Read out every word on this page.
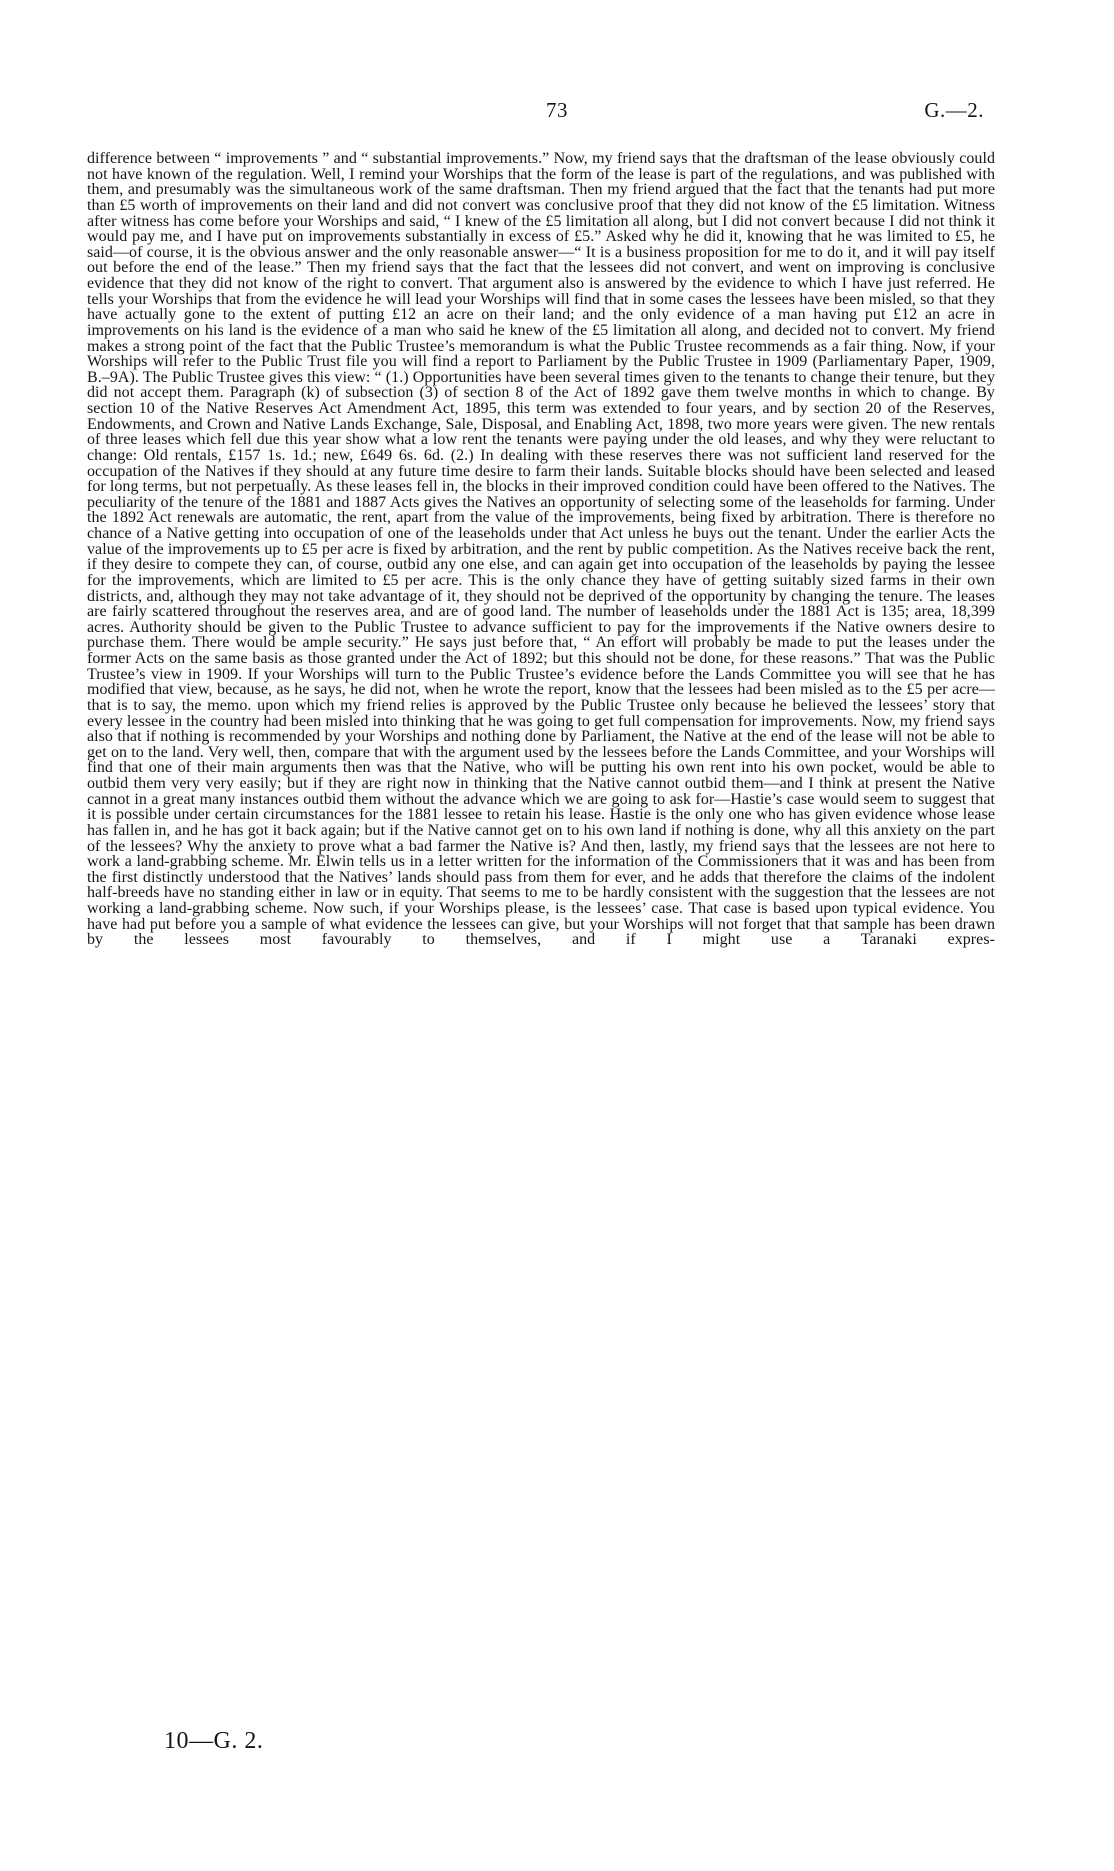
73	G.—2.

difference between “ improvements ” and “ substantial improvements.” Now, my friend says that the draftsman of the lease obviously could not have known of the regulation. Well, I remind your Worships that the form of the lease is part of the regulations, and was published with them, and presumably was the simultaneous work of the same draftsman. Then my friend argued that the fact that the tenants had put more than £5 worth of improvements on their land and did not convert was conclusive proof that they did not know of the £5 limitation. Witness after witness has come before your Worships and said, “ I knew of the £5 limitation all along, but I did not convert because I did not think it would pay me, and I have put on improvements substantially in excess of £5.” Asked why he did it, knowing that he was limited to £5, he said—of course, it is the obvious answer and the only reasonable answer—“ It is a business proposition for me to do it, and it will pay itself out before the end of the lease.” Then my friend says that the fact that the lessees did not convert, and went on improving is conclusive evidence that they did not know of the right to convert. That argument also is answered by the evidence to which I have just referred. He tells your Worships that from the evidence he will lead your Worships will find that in some cases the lessees have been misled, so that they have actually gone to the extent of putting £12 an acre on their land; and the only evidence of a man having put £12 an acre in improvements on his land is the evidence of a man who said he knew of the £5 limitation all along, and decided not to convert. My friend makes a strong point of the fact that the Public Trustee’s memorandum is what the Public Trustee recommends as a fair thing. Now, if your Worships will refer to the Public Trust file you will find a report to Parliament by the Public Trustee in 1909 (Parliamentary Paper, 1909, B.–9A). The Public Trustee gives this view: “ (1.) Opportunities have been several times given to the tenants to change their tenure, but they did not accept them. Paragraph (k) of subsection (3) of section 8 of the Act of 1892 gave them twelve months in which to change. By section 10 of the Native Reserves Act Amendment Act, 1895, this term was extended to four years, and by section 20 of the Reserves, Endowments, and Crown and Native Lands Exchange, Sale, Disposal, and Enabling Act, 1898, two more years were given. The new rentals of three leases which fell due this year show what a low rent the tenants were paying under the old leases, and why they were reluctant to change: Old rentals, £157 1s. 1d.; new, £649 6s. 6d. (2.) In dealing with these reserves there was not sufficient land reserved for the occupation of the Natives if they should at any future time desire to farm their lands. Suitable blocks should have been selected and leased for long terms, but not perpetually. As these leases fell in, the blocks in their improved condition could have been offered to the Natives. The peculiarity of the tenure of the 1881 and 1887 Acts gives the Natives an opportunity of selecting some of the leaseholds for farming. Under the 1892 Act renewals are automatic, the rent, apart from the value of the improvements, being fixed by arbitration. There is therefore no chance of a Native getting into occupation of one of the leaseholds under that Act unless he buys out the tenant. Under the earlier Acts the value of the improvements up to £5 per acre is fixed by arbitration, and the rent by public competition. As the Natives receive back the rent, if they desire to compete they can, of course, outbid any one else, and can again get into occupation of the leaseholds by paying the lessee for the improvements, which are limited to £5 per acre. This is the only chance they have of getting suitably sized farms in their own districts, and, although they may not take advantage of it, they should not be deprived of the opportunity by changing the tenure. The leases are fairly scattered throughout the reserves area, and are of good land. The number of leaseholds under the 1881 Act is 135; area, 18,399 acres. Authority should be given to the Public Trustee to advance sufficient to pay for the improvements if the Native owners desire to purchase them. There would be ample security.” He says just before that, “ An effort will probably be made to put the leases under the former Acts on the same basis as those granted under the Act of 1892; but this should not be done, for these reasons.” That was the Public Trustee’s view in 1909. If your Worships will turn to the Public Trustee’s evidence before the Lands Committee you will see that he has modified that view, because, as he says, he did not, when he wrote the report, know that the lessees had been misled as to the £5 per acre—that is to say, the memo. upon which my friend relies is approved by the Public Trustee only because he believed the lessees’ story that every lessee in the country had been misled into thinking that he was going to get full compensation for improvements. Now, my friend says also that if nothing is recommended by your Worships and nothing done by Parliament, the Native at the end of the lease will not be able to get on to the land. Very well, then, compare that with the argument used by the lessees before the Lands Committee, and your Worships will find that one of their main arguments then was that the Native, who will be putting his own rent into his own pocket, would be able to outbid them very very easily; but if they are right now in thinking that the Native cannot outbid them—and I think at present the Native cannot in a great many instances outbid them without the advance which we are going to ask for—Hastie’s case would seem to suggest that it is possible under certain circumstances for the 1881 lessee to retain his lease. Hastie is the only one who has given evidence whose lease has fallen in, and he has got it back again; but if the Native cannot get on to his own land if nothing is done, why all this anxiety on the part of the lessees? Why the anxiety to prove what a bad farmer the Native is? And then, lastly, my friend says that the lessees are not here to work a land-grabbing scheme. Mr. Elwin tells us in a letter written for the information of the Commissioners that it was and has been from the first distinctly understood that the Natives’ lands should pass from them for ever, and he adds that therefore the claims of the indolent half-breeds have no standing either in law or in equity. That seems to me to be hardly consistent with the suggestion that the lessees are not working a land-grabbing scheme. Now such, if your Worships please, is the lessees’ case. That case is based upon typical evidence. You have had put before you a sample of what evidence the lessees can give, but your Worships will not forget that that sample has been drawn by the lessees most favourably to themselves, and if I might use a Taranaki expres-

10—G. 2.
